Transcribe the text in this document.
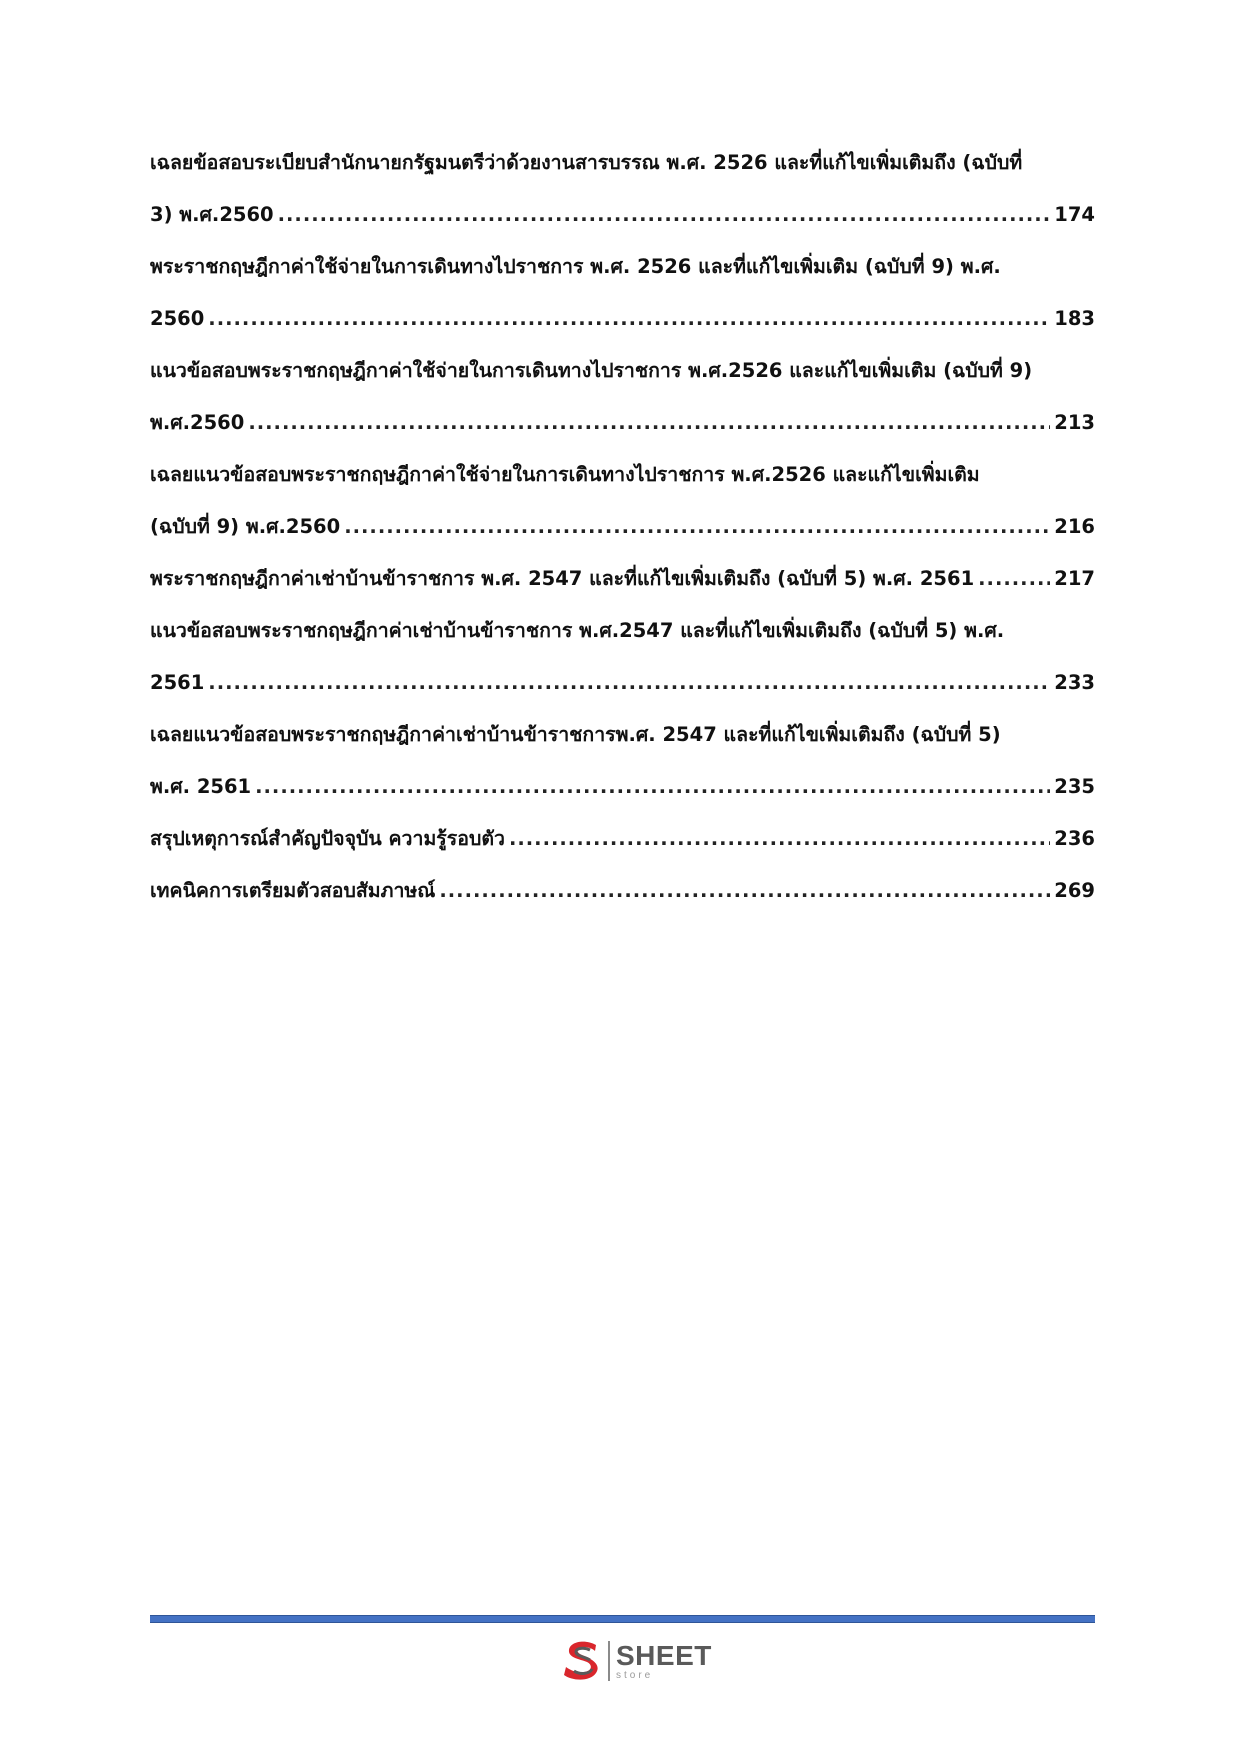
เฉลยข้อสอบระเบียบสำนักนายกรัฐมนตรีว่าด้วยงานสารบรรณ พ.ศ. 2526 และที่แก้ไขเพิ่มเติมถึง (ฉบับที่
3) พ.ศ.2560 .....	174
พระราชกฤษฎีกาค่าใช้จ่ายในการเดินทางไปราชการ พ.ศ. 2526 และที่แก้ไขเพิ่มเติม (ฉบับที่ 9) พ.ศ.
2560 .....	183
แนวข้อสอบพระราชกฤษฎีกาค่าใช้จ่ายในการเดินทางไปราชการ พ.ศ.2526 และแก้ไขเพิ่มเติม (ฉบับที่ 9)
พ.ศ.2560 .....	213
เฉลยแนวข้อสอบพระราชกฤษฎีกาค่าใช้จ่ายในการเดินทางไปราชการ พ.ศ.2526 และแก้ไขเพิ่มเติม
(ฉบับที่ 9) พ.ศ.2560 .....	216
พระราชกฤษฎีกาค่าเช่าบ้านข้าราชการ พ.ศ. 2547 และที่แก้ไขเพิ่มเติมถึง (ฉบับที่ 5) พ.ศ. 2561 .....	217
แนวข้อสอบพระราชกฤษฎีกาค่าเช่าบ้านข้าราชการ พ.ศ.2547 และที่แก้ไขเพิ่มเติมถึง (ฉบับที่ 5) พ.ศ.
2561 .....	233
เฉลยแนวข้อสอบพระราชกฤษฎีกาค่าเช่าบ้านข้าราชการพ.ศ. 2547 และที่แก้ไขเพิ่มเติมถึง (ฉบับที่ 5)
พ.ศ. 2561 .....	235
สรุปเหตุการณ์สำคัญปัจจุบัน ความรู้รอบตัว .....	236
เทคนิคการเตรียมตัวสอบสัมภาษณ์ .....	269
SHEET
store
